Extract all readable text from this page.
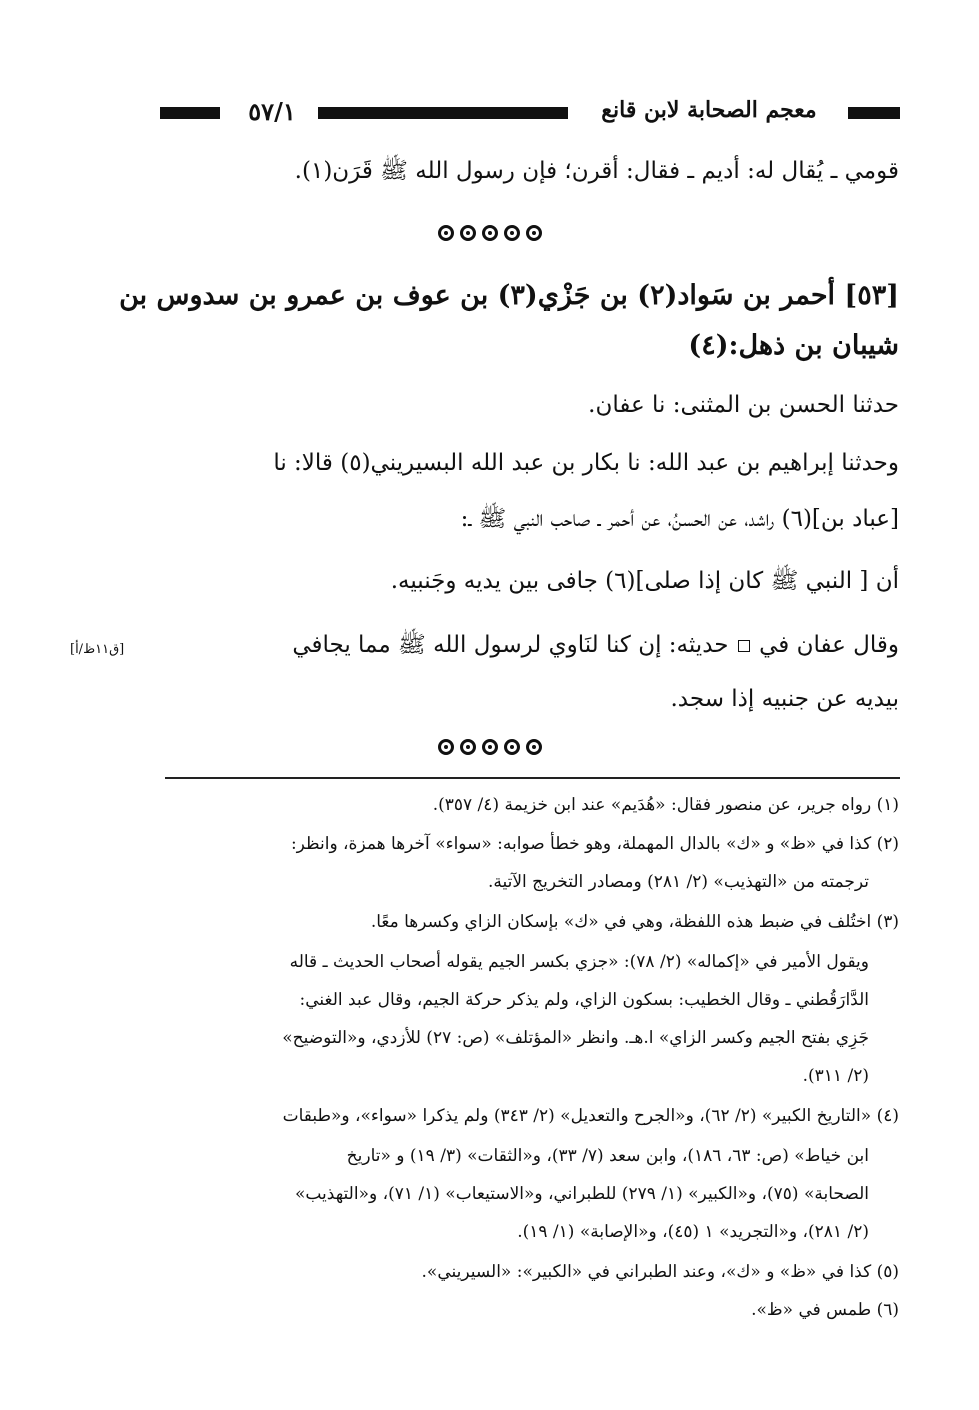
٥٧/١	معجم الصحابة لابن قانع
قومي ـ يُقال له: أديم ـ فقال: أقرن؛ فإن رسول الله ﷺ قَرَن(١).
[٥٣] أحمر بن سَواد(٢) بن جَزْي(٣) بن عوف بن عمرو بن سدوس بن
شيبان بن ذهل:(٤)
حدثنا الحسن بن المثنى: نا عفان.
وحدثنا إبراهيم بن عبد الله: نا بكار بن عبد الله البسيريني(٥) قالا: نا
[عباد بن](٦) راشد، عن الحسنُ، عن أحمر ـ صاحب النبي ﷺ ـ:
أن [ النبي ﷺ كان إذا صلى](٦) جافى بين يديه وجَنبيه.
وقال عفان في  حديثه: إن كنا لنَاوي لرسول الله ﷺ مما يجافي
[ق١١ظ/أ]
بيديه عن جنبيه إذا سجد.
(١) رواه جرير، عن منصور فقال: «هُدَيم» عند ابن خزيمة (٤/ ٣٥٧).
(٢) كذا في «ظ» و «ك» بالدال المهملة، وهو خطأ صوابه: «سواء» آخرها همزة، وانظر:
ترجمته من «التهذيب» (٢/ ٢٨١) ومصادر التخريج الآتية.
(٣) اختُلف في ضبط هذه اللفظة، وهي في «ك» بإسكان الزاي وكسرها معًا.
ويقول الأمير في «إكماله» (٢/ ٧٨): «جزي بكسر الجيم يقوله أصحاب الحديث ـ قاله
الدَّارَقُطني ـ وقال الخطيب: بسكون الزاي، ولم يذكر حركة الجيم، وقال عبد الغني:
جَزِي بفتح الجيم وكسر الزاي» ا.هـ. وانظر «المؤتلف» (ص: ٢٧) للأزدي، و«التوضيح»
(٢/ ٣١١).
(٤) «التاريخ الكبير» (٢/ ٦٢)، و«الجرح والتعديل» (٢/ ٣٤٣) ولم يذكرا «سواء»، و«طبقات
ابن خياط» (ص: ٦٣، ١٨٦)، وابن سعد (٧/ ٣٣)، و«الثقات» (٣/ ١٩) و «تاريخ
الصحابة» (٧٥)، و«الكبير» (١/ ٢٧٩) للطبراني، و«الاستيعاب» (١/ ٧١)، و«التهذيب»
(٢/ ٢٨١)، و«التجريد» ١ (٤٥)، و«الإصابة» (١/ ١٩).
(٥) كذا في «ظ» و «ك»، وعند الطبراني في «الكبير»: «السيريني».
(٦) طمس في «ظ».
